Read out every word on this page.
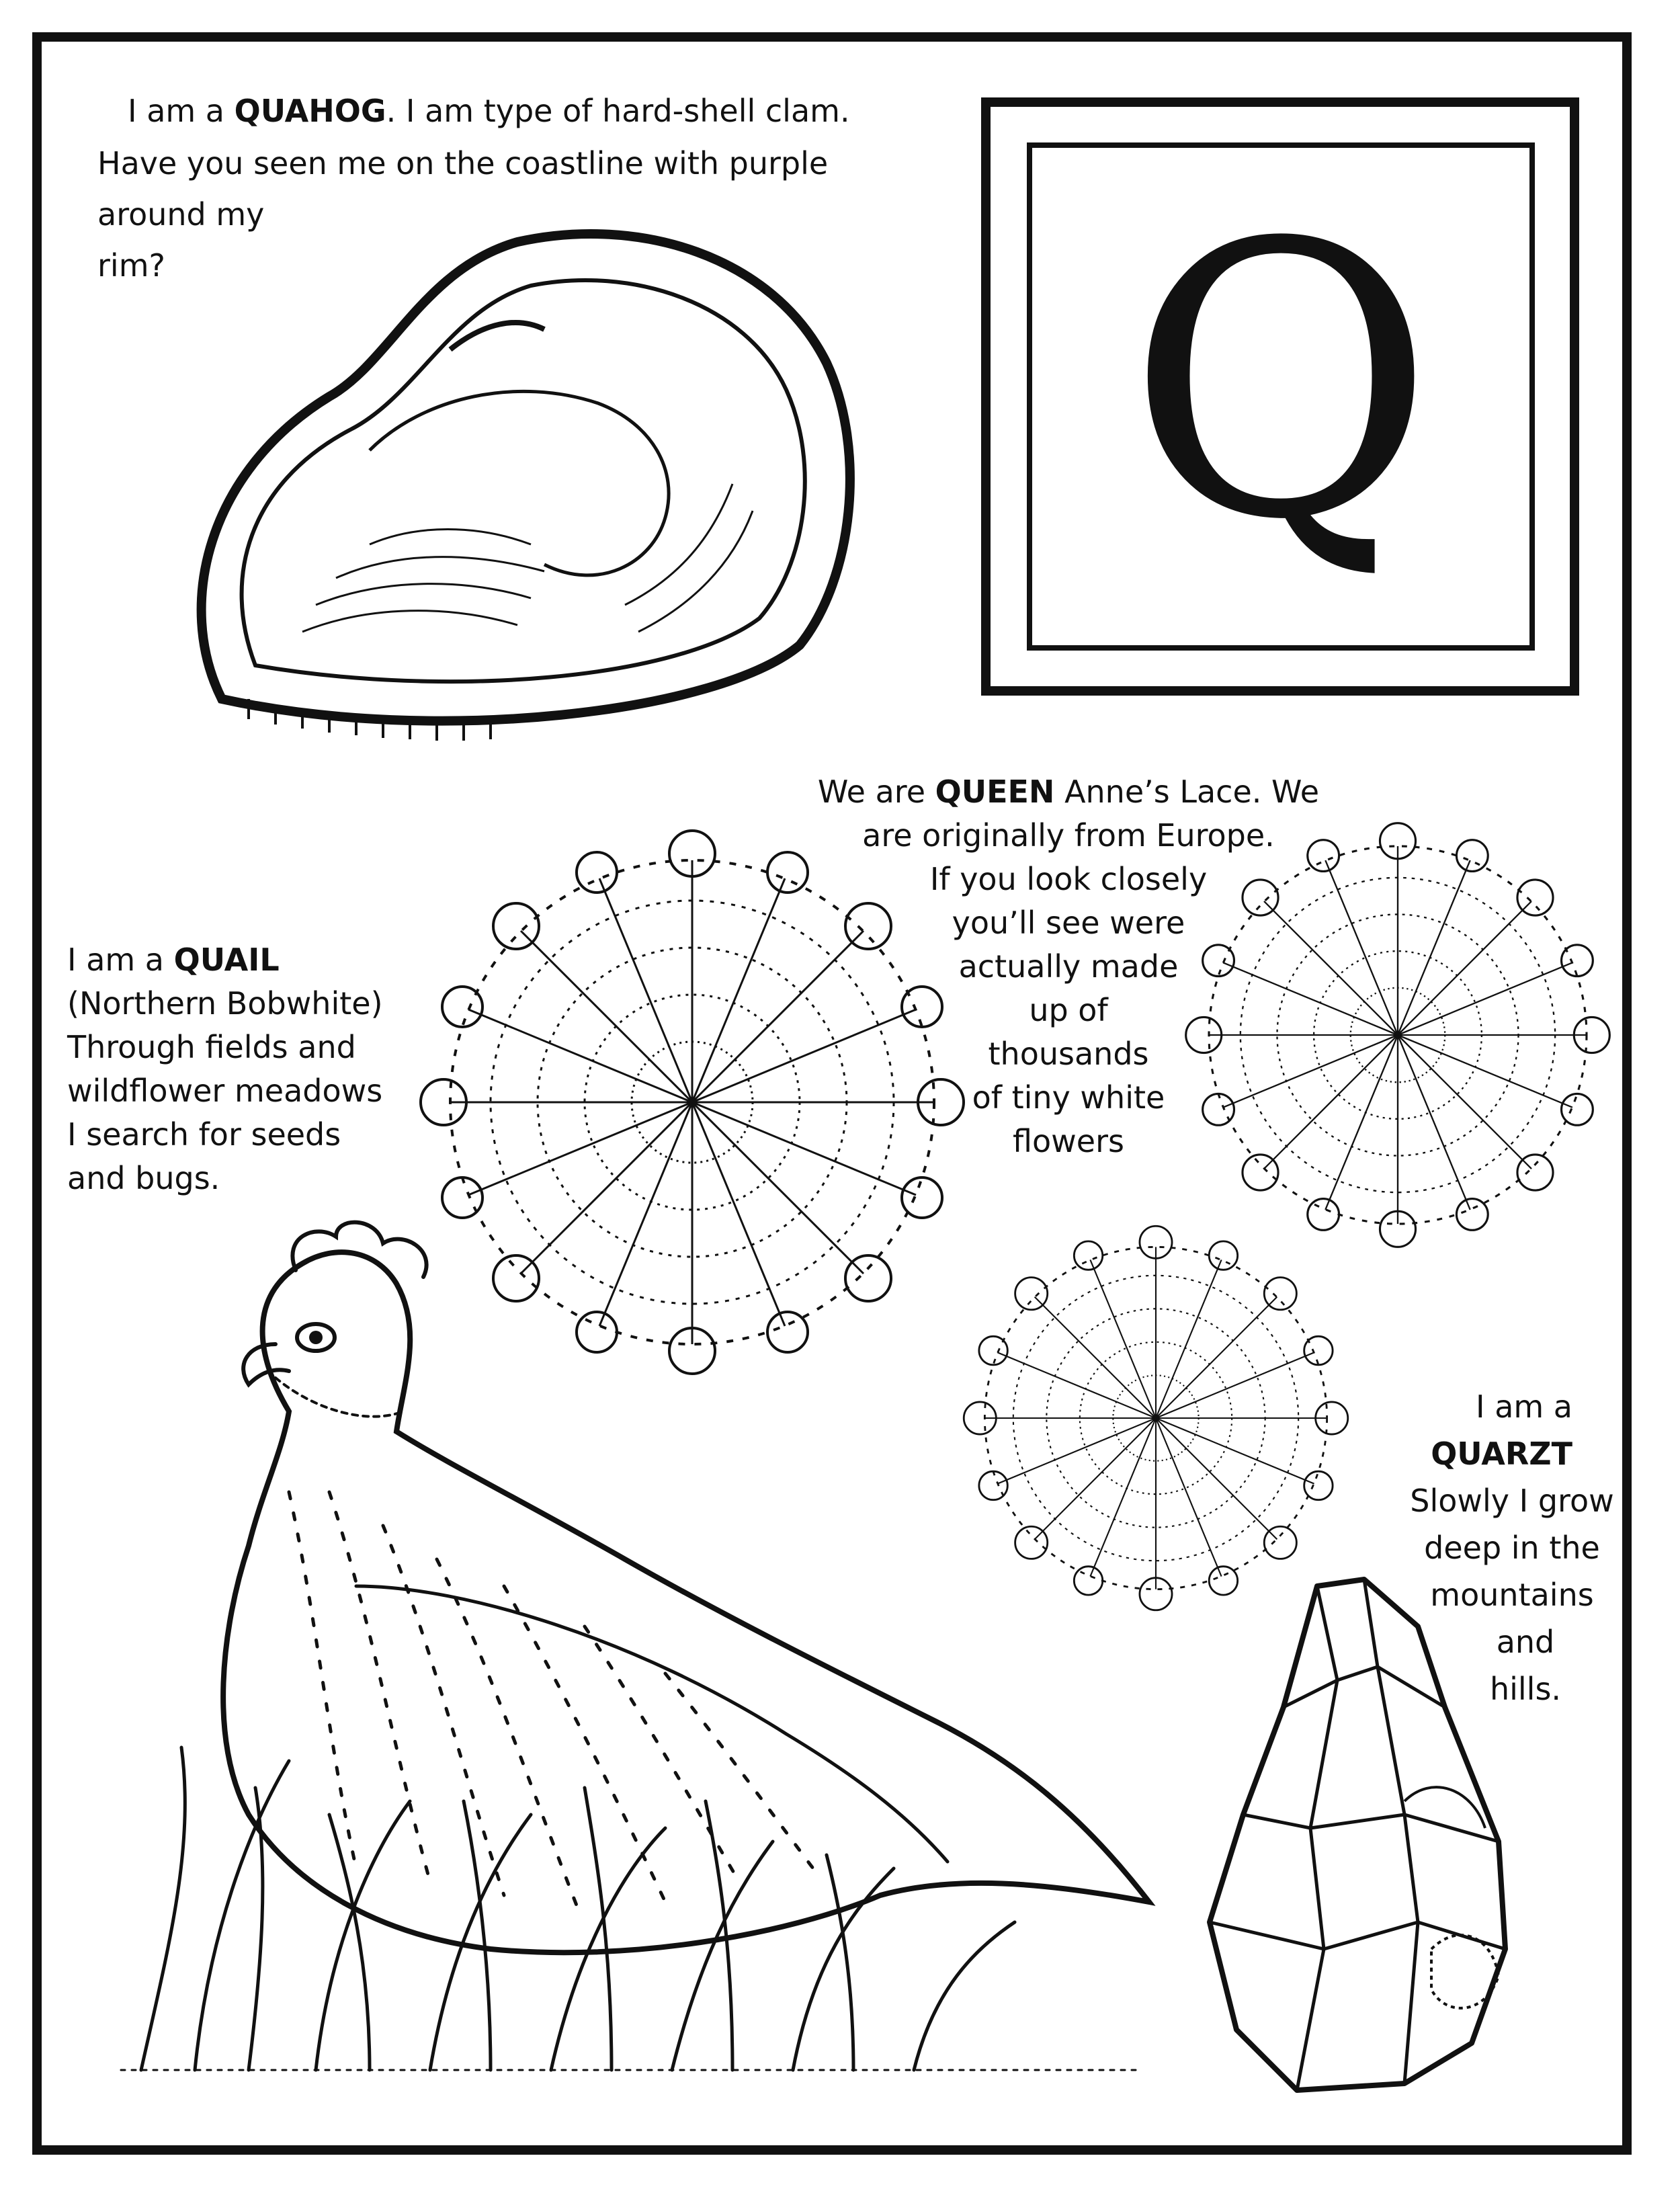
I am a QUAHOG. I am type of hard-shell clam.
Have you seen me on the coastline with purple
around my
rim?	Q
We are QUEEN Anne’s Lace. We
are originally from Europe.
If you look closely
you’ll see were
actually made
up of
thousands
of tiny white
flowers
I am a QUAIL
(Northern Bobwhite)
Through fields and
wildflower meadows
I search for seeds
and bugs.
I am a
QUARZT
Slowly I grow
deep in the
mountains
and
hills.
